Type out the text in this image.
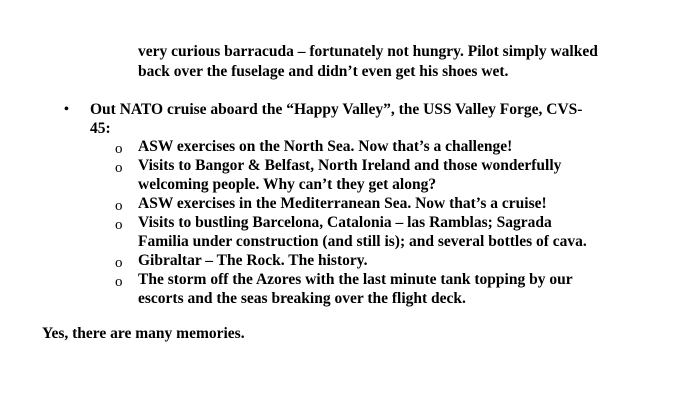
very curious barracuda – fortunately not hungry. Pilot simply walked
back over the fuselage and didn’t even get his shoes wet.
• Out NATO cruise aboard the “Happy Valley”, the USS Valley Forge, CVS-
45:
o ASW exercises on the North Sea. Now that’s a challenge!
o Visits to Bangor & Belfast, North Ireland and those wonderfully
welcoming people. Why can’t they get along?
o ASW exercises in the Mediterranean Sea. Now that’s a cruise!
o Visits to bustling Barcelona, Catalonia – las Ramblas; Sagrada
Familia under construction (and still is); and several bottles of cava.
o Gibraltar – The Rock. The history.
o The storm off the Azores with the last minute tank topping by our
escorts and the seas breaking over the flight deck.
Yes, there are many memories.
